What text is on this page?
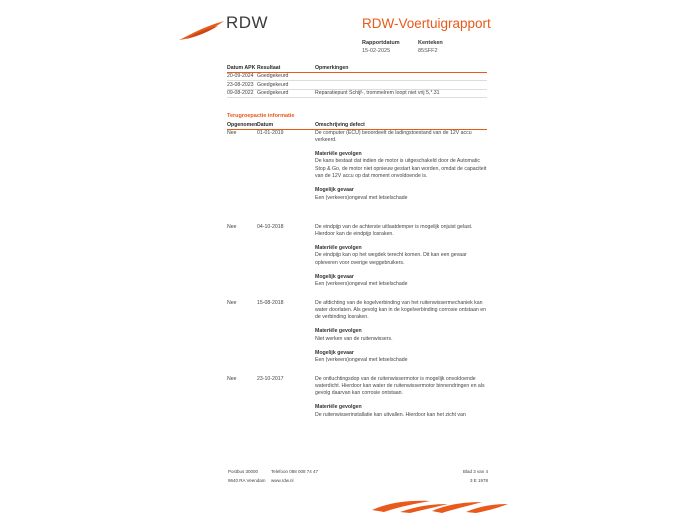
RDW	RDW-Voertuigrapport
Rapportdatum
15-02-2025
Kenteken
85SFF2
Datum APK Resultaat	Opmerkingen
20-09-2024 Goedgekeurd
23-08-2023 Goedgekeurd
09-08-2022 Goedgekeurd	Reparatiepunt Schijf-, trommelrem loopt niet vrij 5,*.31
Terugroepactie informatie
Opgenomen Datum	Omschrijving defect
Nee	01-01-2019	De computer (ECU) beoordeelt de ladingstoestand van de 12V accu verkeerd.

Materiële gevolgen

De kans bestaat dat indien de motor is uitgeschakeld door de Automatic Stop & Go, de motor niet opnieuw gestart kan worden, omdat de capaciteit van de 12V accu op dat moment onvoldoende is.

Mogelijk gevaar

Een (verkeers)ongeval met letselschade

Nee	04-10-2018	De eindpijp van de achterste uitlaatdemper is mogelijk onjuist gelast. Hierdoor kan de eindpijp losraken.

Materiële gevolgen

De eindpijp kan op het wegdek terecht komen. Dit kan een gevaar opleveren voor overige weggebruikers.

Mogelijk gevaar

Een (verkeers)ongeval met letselschade

Nee	15-08-2018	De afdichting van de kogelverbinding van het ruitenwissermechaniek kan water doorlaten. Als gevolg kan in de kogelverbinding corrosie ontstaan en de verbinding losraken.

Materiële gevolgen

Niet werken van de ruitenwissers.

Mogelijk gevaar

Een (verkeers)ongeval met letselschade

Nee	23-10-2017	De ontluchtingsdop van de ruitenwissermotor is mogelijk onvoldoende waterdicht. Hierdoor kan water de ruitenwissermotor binnendringen en als gevolg daarvan kan corrosie ontstaan.

Materiële gevolgen

De ruitenwisserinstallatie kan uitvallen. Hierdoor kan het zicht van

Postbus 30000
9640 RA Veendam
Telefoon 088 008 74 47
www.rdw.nl
Blad 3 van 4
3 E 1978
